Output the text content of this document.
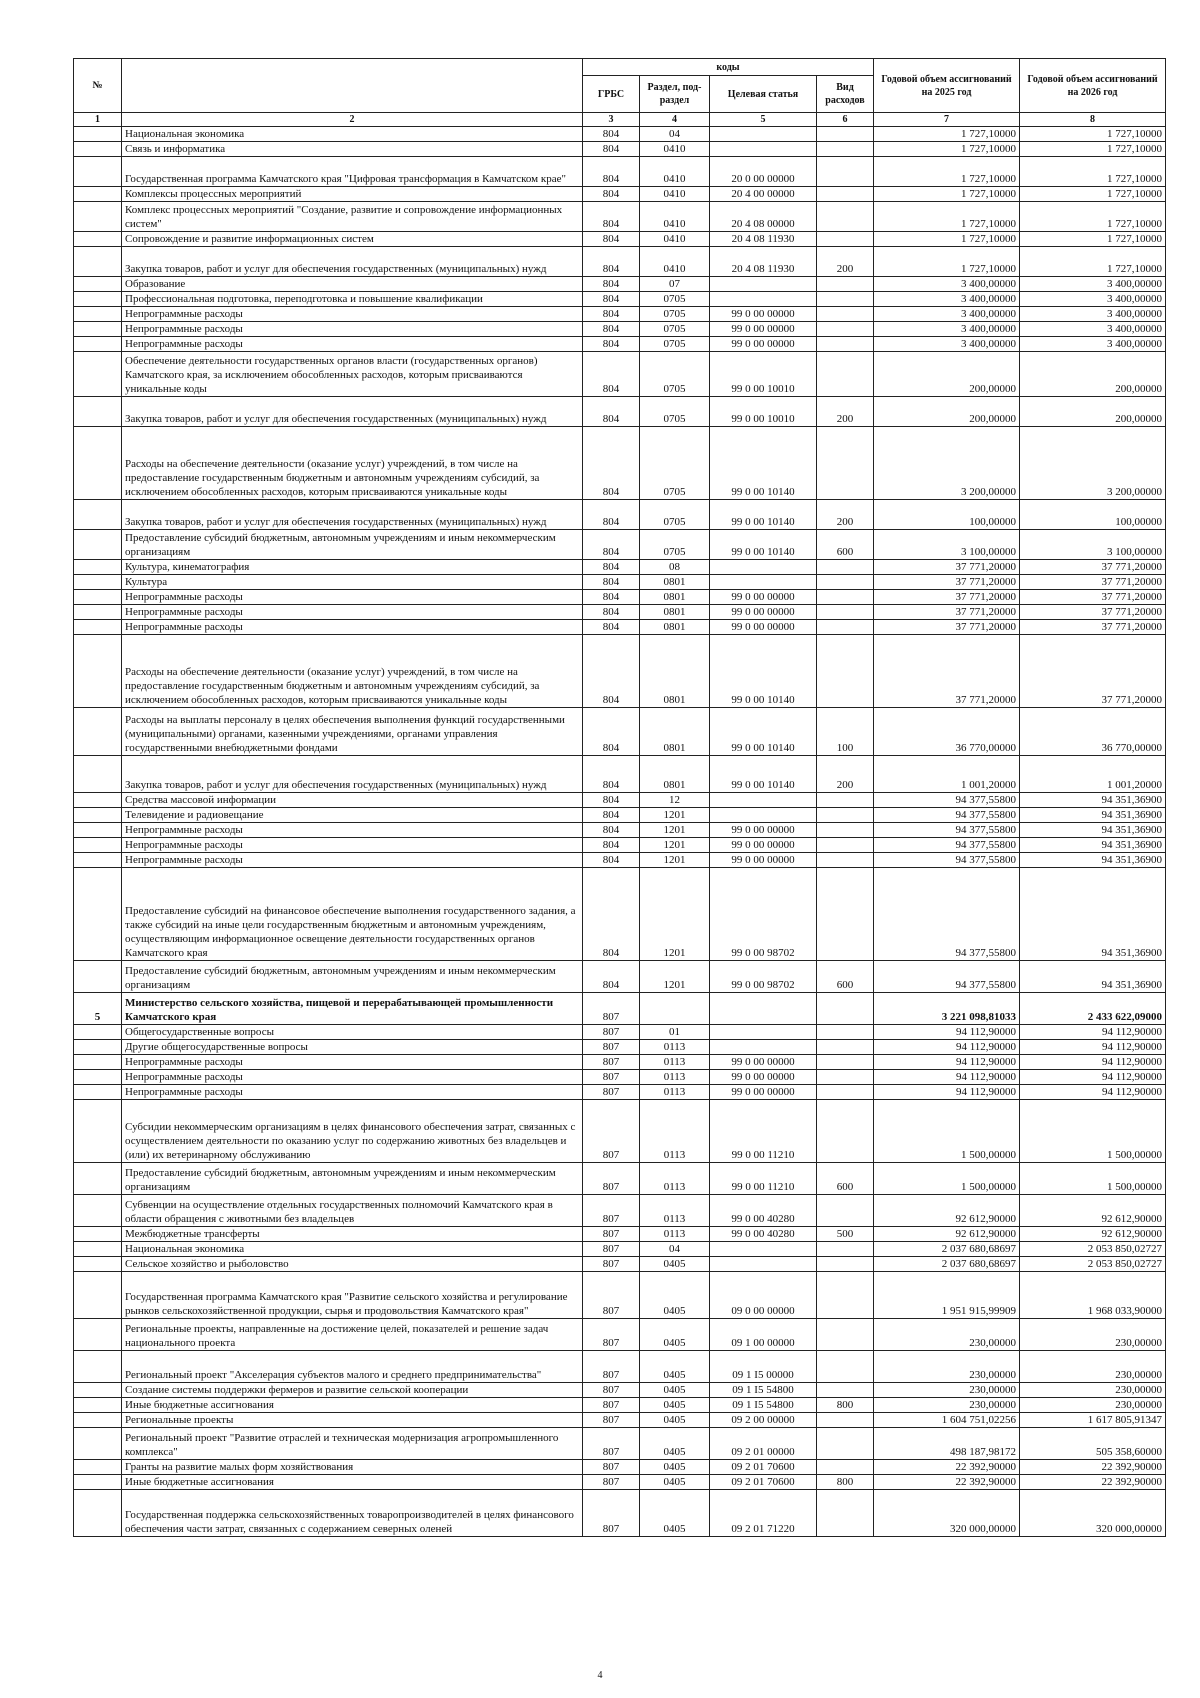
№		коды				Годовой объем ассигнований на 2025 год	Годовой объем ассигнований на 2026 год
		ГРБС	Раздел, под-раздел	Целевая статья	Вид расходов		
1	2	3	4	5	6	7	8
	Национальная экономика	804	04			1 727,10000	1 727,10000
	Связь и информатика	804	0410			1 727,10000	1 727,10000
	Государственная программа Камчатского края "Цифровая трансформация в Камчатском крае"	804	0410	20 0 00 00000		1 727,10000	1 727,10000
	Комплексы процессных мероприятий	804	0410	20 4 00 00000		1 727,10000	1 727,10000
	Комплекс процессных мероприятий "Создание, развитие и сопровождение информационных систем"	804	0410	20 4 08 00000		1 727,10000	1 727,10000
	Сопровождение и развитие информационных систем	804	0410	20 4 08 11930		1 727,10000	1 727,10000
	Закупка товаров, работ и услуг для обеспечения государственных (муниципальных) нужд	804	0410	20 4 08 11930	200	1 727,10000	1 727,10000
	Образование	804	07			3 400,00000	3 400,00000
	Профессиональная подготовка, переподготовка и повышение квалификации	804	0705			3 400,00000	3 400,00000
	Непрограммные расходы	804	0705	99 0 00 00000		3 400,00000	3 400,00000
	Непрограммные расходы	804	0705	99 0 00 00000		3 400,00000	3 400,00000
	Непрограммные расходы	804	0705	99 0 00 00000		3 400,00000	3 400,00000
	Обеспечение деятельности государственных органов власти (государственных органов) Камчатского края, за исключением обособленных расходов, которым присваиваются уникальные коды	804	0705	99 0 00 10010		200,00000	200,00000
	Закупка товаров, работ и услуг для обеспечения государственных (муниципальных) нужд	804	0705	99 0 00 10010	200	200,00000	200,00000
	Расходы на обеспечение деятельности (оказание услуг) учреждений, в том числе на предоставление государственным бюджетным и автономным учреждениям субсидий, за исключением обособленных расходов, которым присваиваются уникальные коды	804	0705	99 0 00 10140		3 200,00000	3 200,00000
	Закупка товаров, работ и услуг для обеспечения государственных (муниципальных) нужд	804	0705	99 0 00 10140	200	100,00000	100,00000
	Предоставление субсидий бюджетным, автономным учреждениям и иным некоммерческим организациям	804	0705	99 0 00 10140	600	3 100,00000	3 100,00000
	Культура, кинематография	804	08			37 771,20000	37 771,20000
	Культура	804	0801			37 771,20000	37 771,20000
	Непрограммные расходы	804	0801	99 0 00 00000		37 771,20000	37 771,20000
	Непрограммные расходы	804	0801	99 0 00 00000		37 771,20000	37 771,20000
	Непрограммные расходы	804	0801	99 0 00 00000		37 771,20000	37 771,20000
	Расходы на обеспечение деятельности (оказание услуг) учреждений, в том числе на предоставление государственным бюджетным и автономным учреждениям субсидий, за исключением обособленных расходов, которым присваиваются уникальные коды	804	0801	99 0 00 10140		37 771,20000	37 771,20000
	Расходы на выплаты персоналу в целях обеспечения выполнения функций государственными (муниципальными) органами, казенными учреждениями, органами управления государственными внебюджетными фондами	804	0801	99 0 00 10140	100	36 770,00000	36 770,00000
	Закупка товаров, работ и услуг для обеспечения государственных (муниципальных) нужд	804	0801	99 0 00 10140	200	1 001,20000	1 001,20000
	Средства массовой информации	804	12			94 377,55800	94 351,36900
	Телевидение и радиовещание	804	1201			94 377,55800	94 351,36900
	Непрограммные расходы	804	1201	99 0 00 00000		94 377,55800	94 351,36900
	Непрограммные расходы	804	1201	99 0 00 00000		94 377,55800	94 351,36900
	Непрограммные расходы	804	1201	99 0 00 00000		94 377,55800	94 351,36900
	Предоставление субсидий на финансовое обеспечение выполнения государственного задания, а также субсидий на иные цели государственным бюджетным и автономным учреждениям, осуществляющим информационное освещение деятельности государственных органов Камчатского края	804	1201	99 0 00 98702		94 377,55800	94 351,36900
	Предоставление субсидий бюджетным, автономным учреждениям и иным некоммерческим организациям	804	1201	99 0 00 98702	600	94 377,55800	94 351,36900
5	Министерство сельского хозяйства, пищевой и перерабатывающей промышленности Камчатского края	807				3 221 098,81033	2 433 622,09000
	Общегосударственные вопросы	807	01			94 112,90000	94 112,90000
	Другие общегосударственные вопросы	807	0113			94 112,90000	94 112,90000
	Непрограммные расходы	807	0113	99 0 00 00000		94 112,90000	94 112,90000
	Непрограммные расходы	807	0113	99 0 00 00000		94 112,90000	94 112,90000
	Непрограммные расходы	807	0113	99 0 00 00000		94 112,90000	94 112,90000
	Субсидии некоммерческим организациям в целях финансового обеспечения затрат, связанных с осуществлением деятельности по оказанию услуг по содержанию животных без владельцев и (или) их ветеринарному обслуживанию	807	0113	99 0 00 11210		1 500,00000	1 500,00000
	Предоставление субсидий бюджетным, автономным учреждениям и иным некоммерческим организациям	807	0113	99 0 00 11210	600	1 500,00000	1 500,00000
	Субвенции на осуществление отдельных государственных полномочий Камчатского края в области обращения с животными без владельцев	807	0113	99 0 00 40280		92 612,90000	92 612,90000
	Межбюджетные трансферты	807	0113	99 0 00 40280	500	92 612,90000	92 612,90000
	Национальная экономика	807	04			2 037 680,68697	2 053 850,02727
	Сельское хозяйство и рыболовство	807	0405			2 037 680,68697	2 053 850,02727
	Государственная программа Камчатского края "Развитие сельского хозяйства и регулирование рынков сельскохозяйственной продукции, сырья и продовольствия Камчатского края"	807	0405	09 0 00 00000		1 951 915,99909	1 968 033,90000
	Региональные проекты, направленные на достижение целей, показателей и решение задач национального проекта	807	0405	09 1 00 00000		230,00000	230,00000
	Региональный проект "Акселерация субъектов малого и среднего предпринимательства"	807	0405	09 1 I5 00000		230,00000	230,00000
	Создание системы поддержки фермеров и развитие сельской кооперации	807	0405	09 1 I5 54800		230,00000	230,00000
	Иные бюджетные ассигнования	807	0405	09 1 I5 54800	800	230,00000	230,00000
	Региональные проекты	807	0405	09 2 00 00000		1 604 751,02256	1 617 805,91347
	Региональный проект "Развитие отраслей и техническая модернизация агропромышленного комплекса"	807	0405	09 2 01 00000		498 187,98172	505 358,60000
	Гранты на развитие малых форм хозяйствования	807	0405	09 2 01 70600		22 392,90000	22 392,90000
	Иные бюджетные ассигнования	807	0405	09 2 01 70600	800	22 392,90000	22 392,90000
	Государственная поддержка сельскохозяйственных товаропроизводителей в целях финансового обеспечения части затрат, связанных с содержанием северных оленей	807	0405	09 2 01 71220		320 000,00000	320 000,00000
4
